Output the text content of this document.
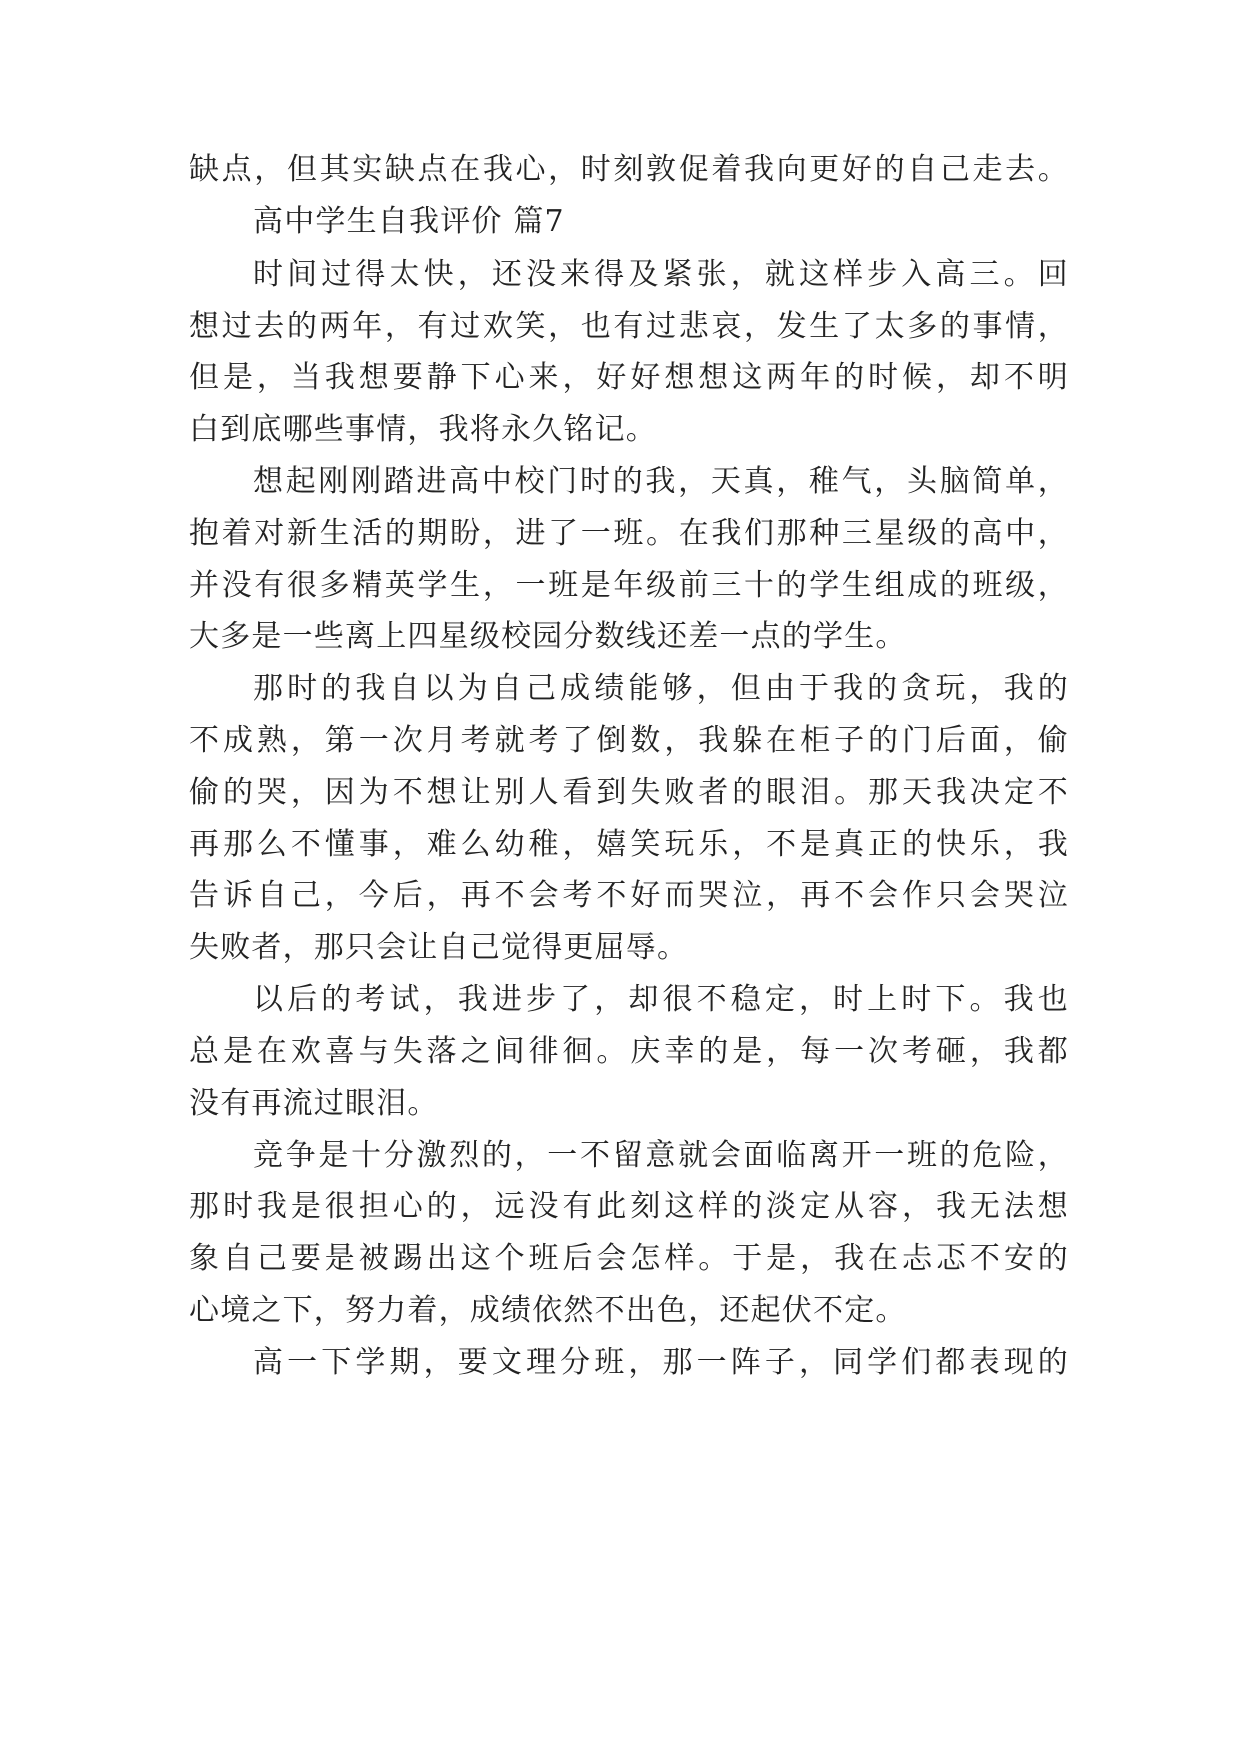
缺点，但其实缺点在我心，时刻敦促着我向更好的自己走去。

高中学生自我评价 篇7

时间过得太快，还没来得及紧张，就这样步入高三。回

想过去的两年，有过欢笑，也有过悲哀，发生了太多的事情，

但是，当我想要静下心来，好好想想这两年的时候，却不明

白到底哪些事情，我将永久铭记。

想起刚刚踏进高中校门时的我，天真，稚气，头脑简单，

抱着对新生活的期盼，进了一班。在我们那种三星级的高中，

并没有很多精英学生，一班是年级前三十的学生组成的班级，

大多是一些离上四星级校园分数线还差一点的学生。

那时的我自以为自己成绩能够，但由于我的贪玩，我的

不成熟，第一次月考就考了倒数，我躲在柜子的门后面，偷

偷的哭，因为不想让别人看到失败者的眼泪。那天我决定不

再那么不懂事，难么幼稚，嬉笑玩乐，不是真正的快乐，我

告诉自己，今后，再不会考不好而哭泣，再不会作只会哭泣

失败者，那只会让自己觉得更屈辱。

以后的考试，我进步了，却很不稳定，时上时下。我也

总是在欢喜与失落之间徘徊。庆幸的是，每一次考砸，我都

没有再流过眼泪。

竞争是十分激烈的，一不留意就会面临离开一班的危险，

那时我是很担心的，远没有此刻这样的淡定从容，我无法想

象自己要是被踢出这个班后会怎样。于是，我在忐忑不安的

心境之下，努力着，成绩依然不出色，还起伏不定。

高一下学期，要文理分班，那一阵子，同学们都表现的
